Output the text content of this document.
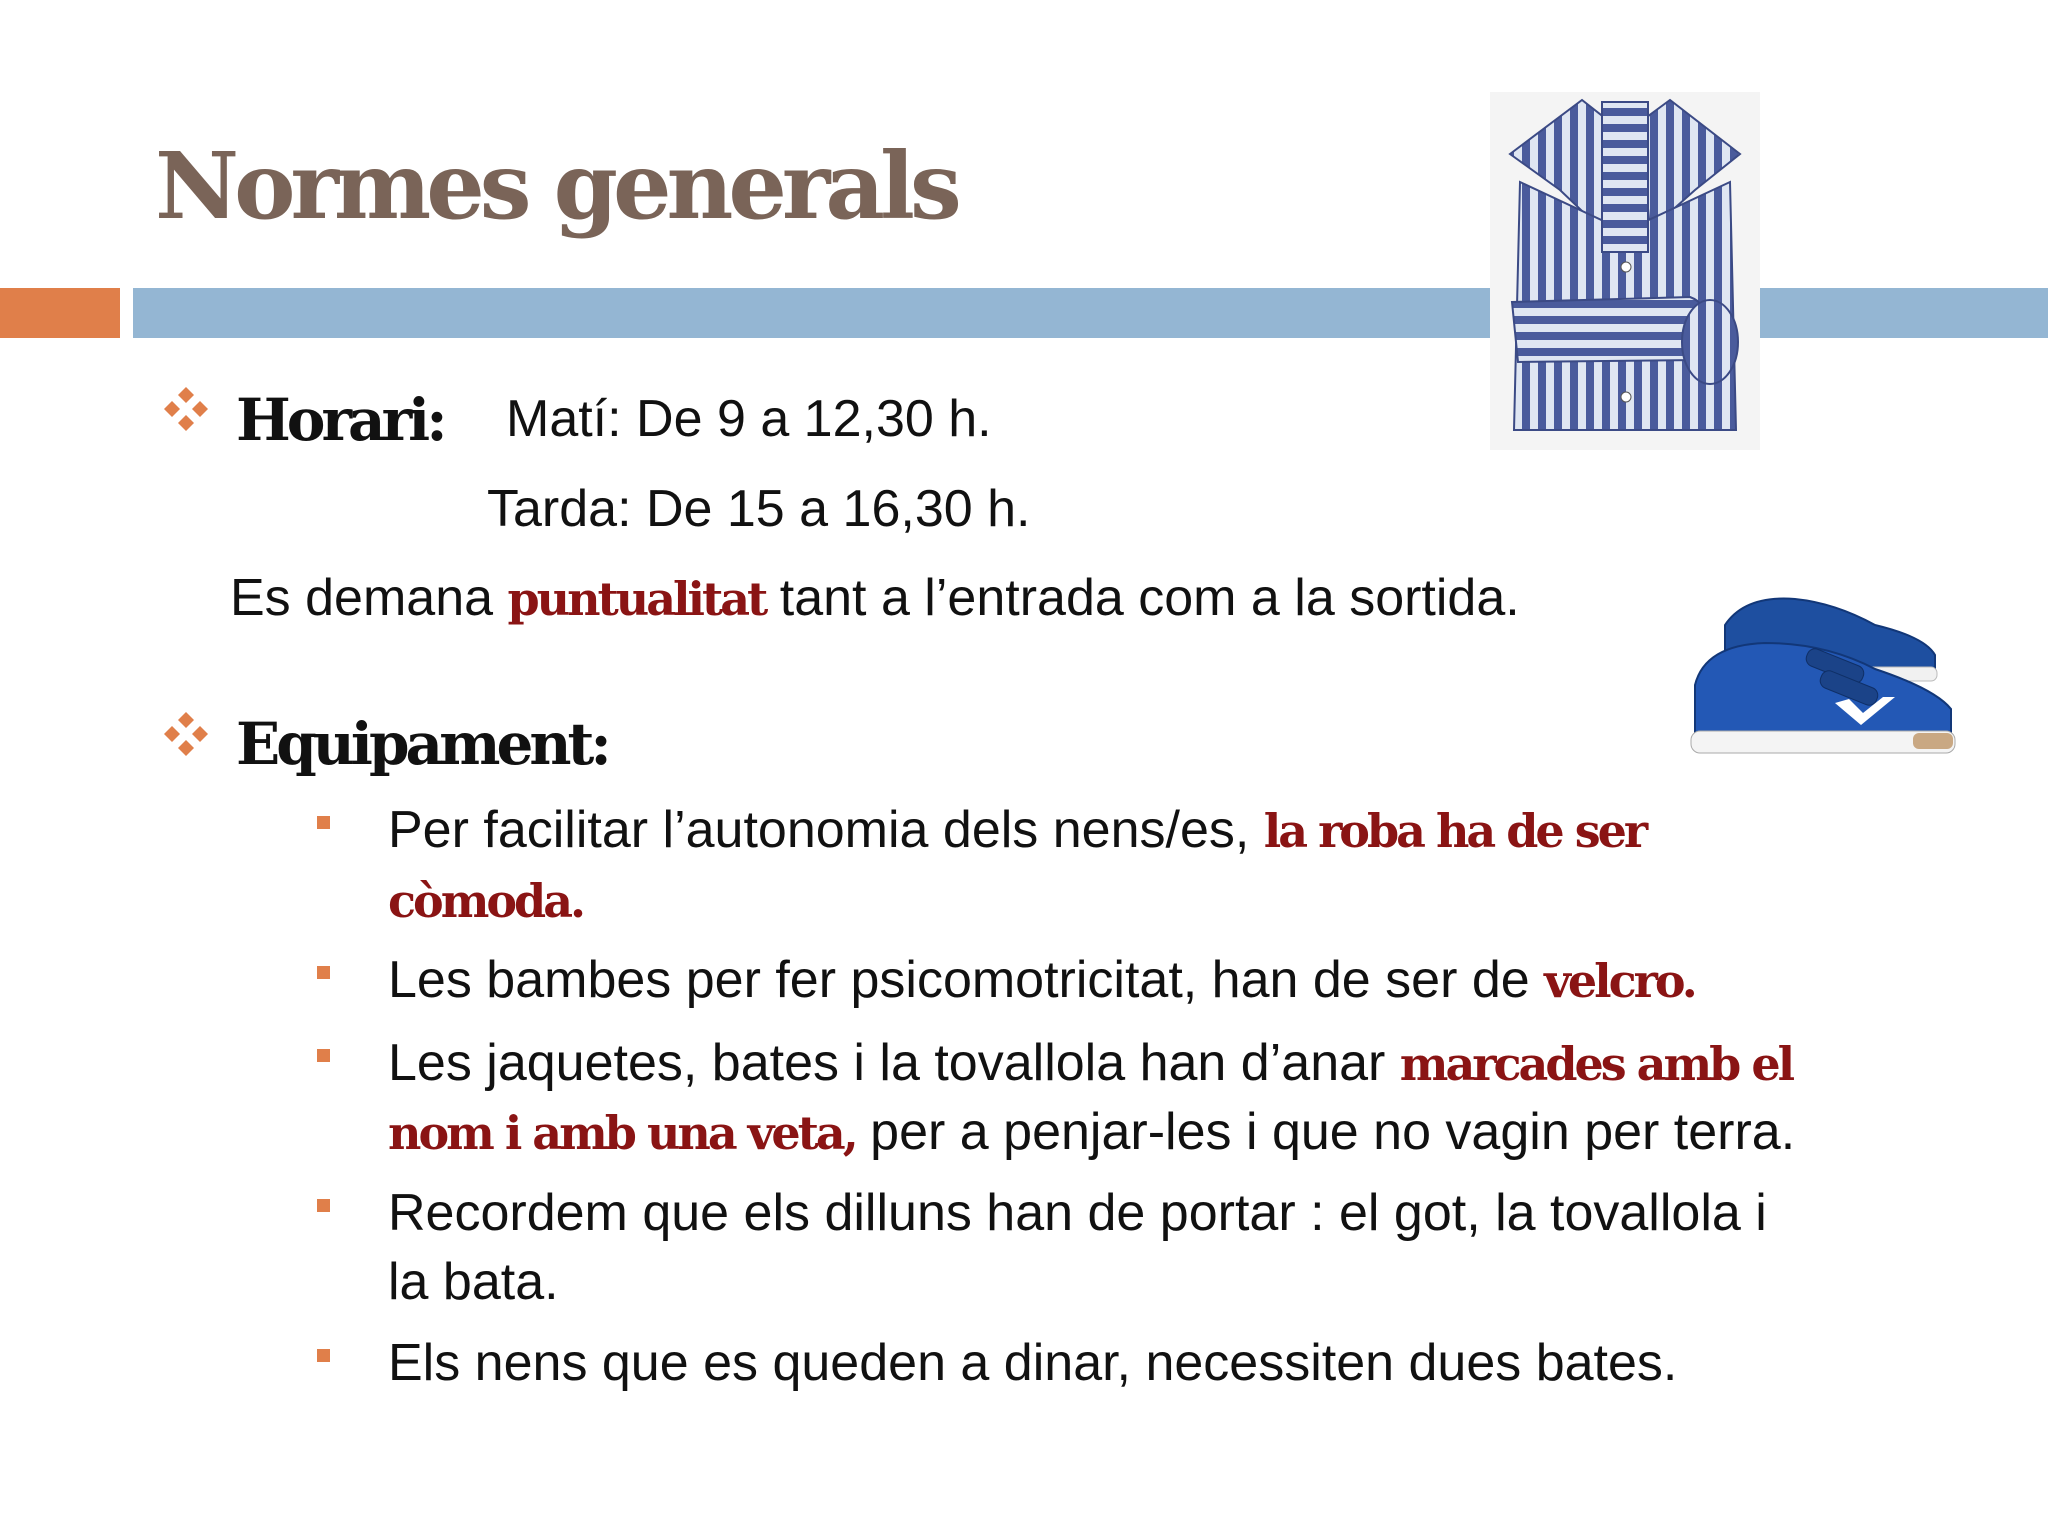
Normes generals
Horari: Matí: De 9 a 12,30 h.
Tarda: De 15 a 16,30 h.
Es demana puntualitat tant a l’entrada com a la sortida.
Equipament:
Per facilitar l’autonomia dels nens/es, la roba ha de ser
còmoda.
Les bambes per fer psicomotricitat, han de ser de velcro.
Les jaquetes, bates i la tovallola han d’anar marcades amb el
nom i amb una veta, per a penjar-les i que no vagin per terra.
Recordem que els dilluns han de portar : el got, la tovallola i
la bata.
Els nens que es queden a dinar, necessiten dues bates.
